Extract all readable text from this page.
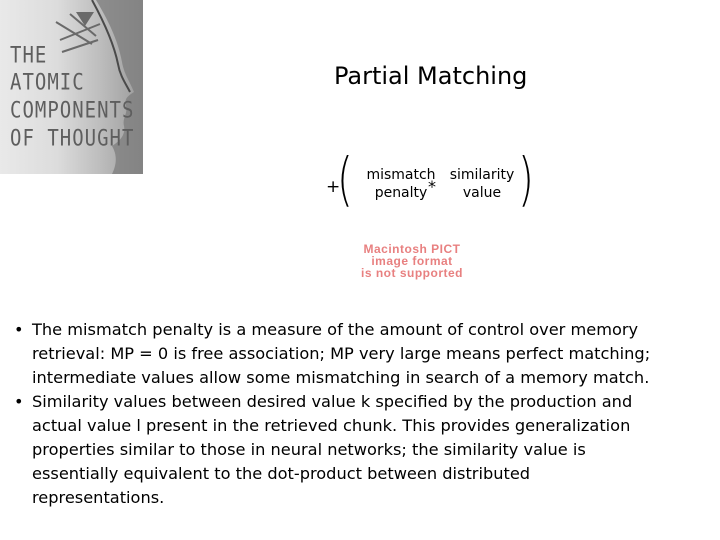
THE
ATOMIC
COMPONENTS
OF THOUGHT
Partial Matching
+
( mismatch
penalty *
similarity
value )
Macintosh PICT
image format
is not supported
• The mismatch penalty is a measure of the amount of control over memory
retrieval: MP = 0 is free association; MP very large means perfect matching;
intermediate values allow some mismatching in search of a memory match.
• Similarity values between desired value k specified by the production and
actual value l present in the retrieved chunk. This provides generalization
properties similar to those in neural networks; the similarity value is
essentially equivalent to the dot-product between distributed
representations.
